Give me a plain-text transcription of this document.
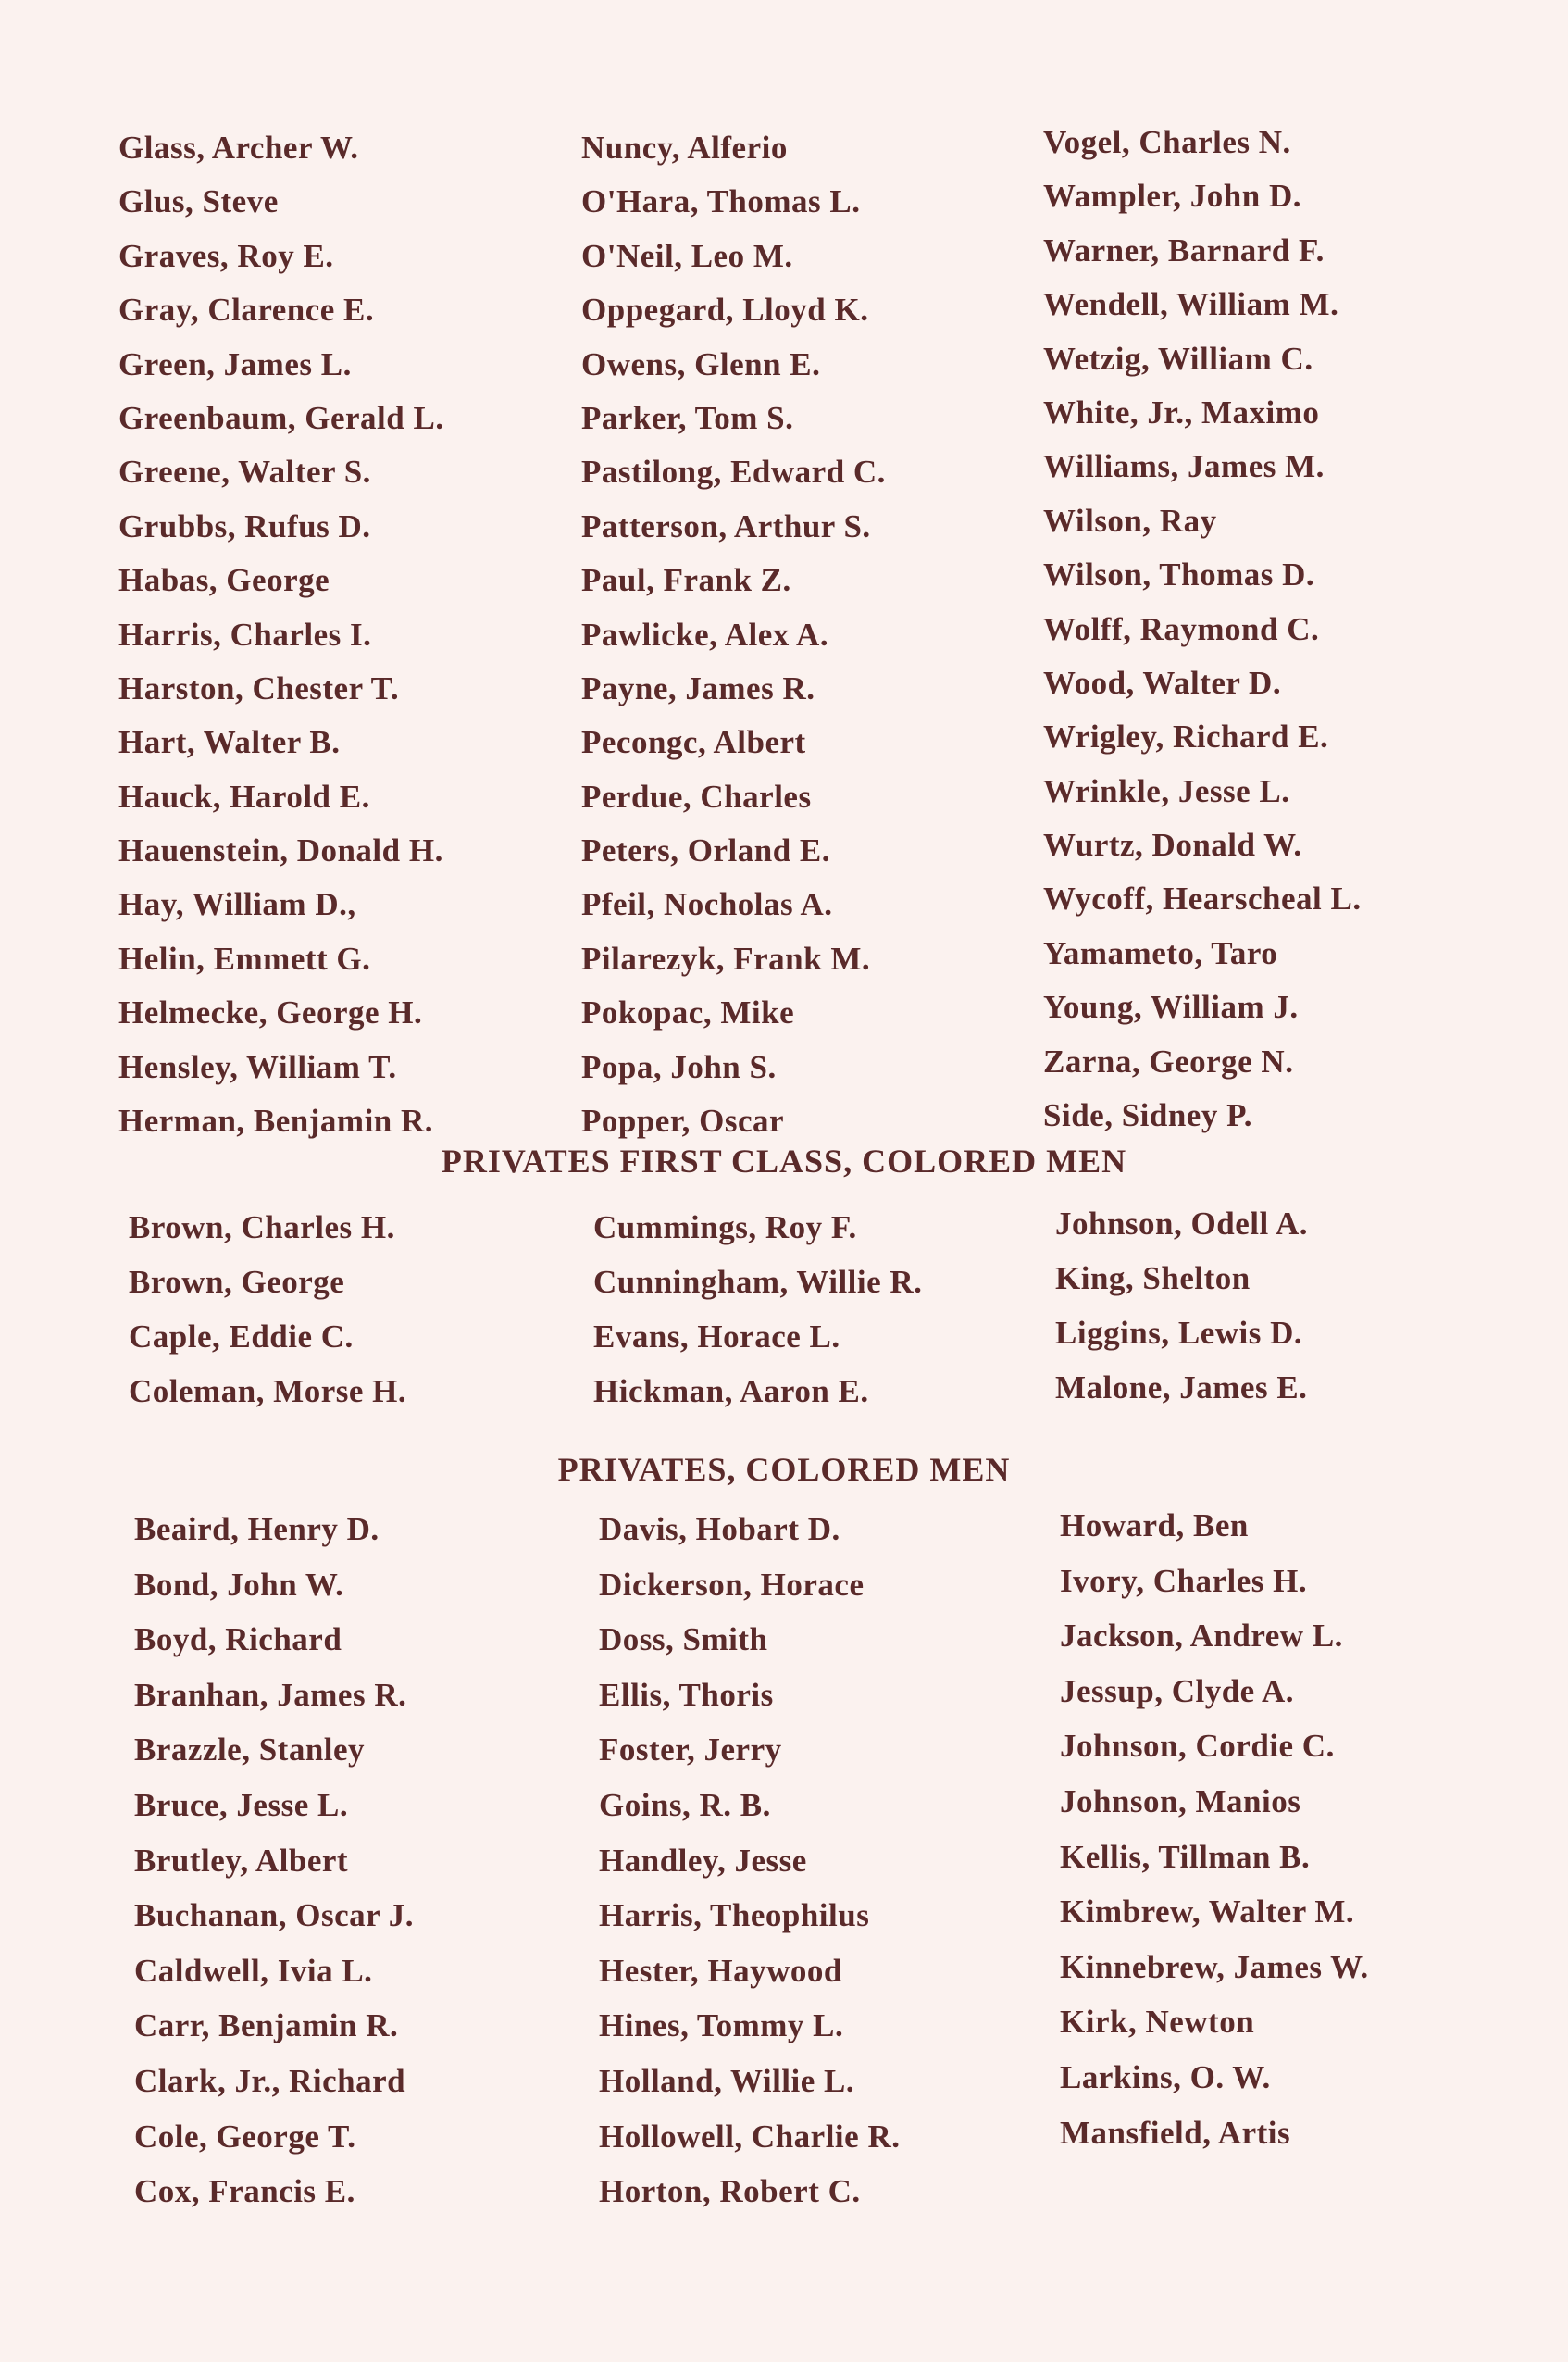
Glass, Archer W.
Glus, Steve
Graves, Roy E.
Gray, Clarence E.
Green, James L.
Greenbaum, Gerald L.
Greene, Walter S.
Grubbs, Rufus D.
Habas, George
Harris, Charles I.
Harston, Chester T.
Hart, Walter B.
Hauck, Harold E.
Hauenstein, Donald H.
Hay, William D.,
Helin, Emmett G.
Helmecke, George H.
Hensley, William T.
Herman, Benjamin R.
Nuncy, Alferio
O'Hara, Thomas L.
O'Neil, Leo M.
Oppegard, Lloyd K.
Owens, Glenn E.
Parker, Tom S.
Pastilong, Edward C.
Patterson, Arthur S.
Paul, Frank Z.
Pawlicke, Alex A.
Payne, James R.
Pecongc, Albert
Perdue, Charles
Peters, Orland E.
Pfeil, Nocholas A.
Pilarezyk, Frank M.
Pokopac, Mike
Popa, John S.
Popper, Oscar
Vogel, Charles N.
Wampler, John D.
Warner, Barnard F.
Wendell, William M.
Wetzig, William C.
White, Jr., Maximo
Williams, James M.
Wilson, Ray
Wilson, Thomas D.
Wolff, Raymond C.
Wood, Walter D.
Wrigley, Richard E.
Wrinkle, Jesse L.
Wurtz, Donald W.
Wycoff, Hearscheal L.
Yamameto, Taro
Young, William J.
Zarna, George N.
Side, Sidney P.
PRIVATES FIRST CLASS, COLORED MEN
Brown, Charles H.
Brown, George
Caple, Eddie C.
Coleman, Morse H.
Cummings, Roy F.
Cunningham, Willie R.
Evans, Horace L.
Hickman, Aaron E.
Johnson, Odell A.
King, Shelton
Liggins, Lewis D.
Malone, James E.
PRIVATES, COLORED MEN
Beaird, Henry D.
Bond, John W.
Boyd, Richard
Branhan, James R.
Brazzle, Stanley
Bruce, Jesse L.
Brutley, Albert
Buchanan, Oscar J.
Caldwell, Ivia L.
Carr, Benjamin R.
Clark, Jr., Richard
Cole, George T.
Cox, Francis E.
Davis, Hobart D.
Dickerson, Horace
Doss, Smith
Ellis, Thoris
Foster, Jerry
Goins, R. B.
Handley, Jesse
Harris, Theophilus
Hester, Haywood
Hines, Tommy L.
Holland, Willie L.
Hollowell, Charlie R.
Horton, Robert C.
Howard, Ben
Ivory, Charles H.
Jackson, Andrew L.
Jessup, Clyde A.
Johnson, Cordie C.
Johnson, Manios
Kellis, Tillman B.
Kimbrew, Walter M.
Kinnebrew, James W.
Kirk, Newton
Larkins, O. W.
Mansfield, Artis
